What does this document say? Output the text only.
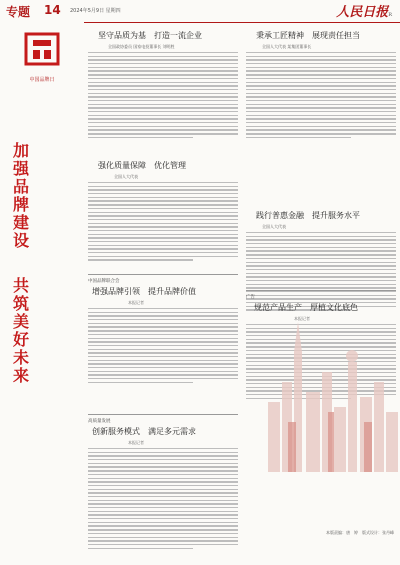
专题 14 2024年5月9日 星期四	人民日报R
中国品牌日
加
强
品
牌
建
设
共
筑
美
好
未
来
坚守品质为基　打造一流企业
全国政协委员 国家电投董事长 刘明胜
秉承工匠精神　展现责任担当
全国人大代表 某集团董事长
强化质量保障　优化管理
全国人大代表
践行普惠金融　提升服务水平
全国人大代表
中国品牌联合会
增强品牌引领　提升品牌价值
本报记者
广告
规范产品生产　厚植文化底色
本报记者
高质量发展
创新服务模式　满足多元需求
本报记者
本版责编：唐　婷　版式设计：张丹峰
